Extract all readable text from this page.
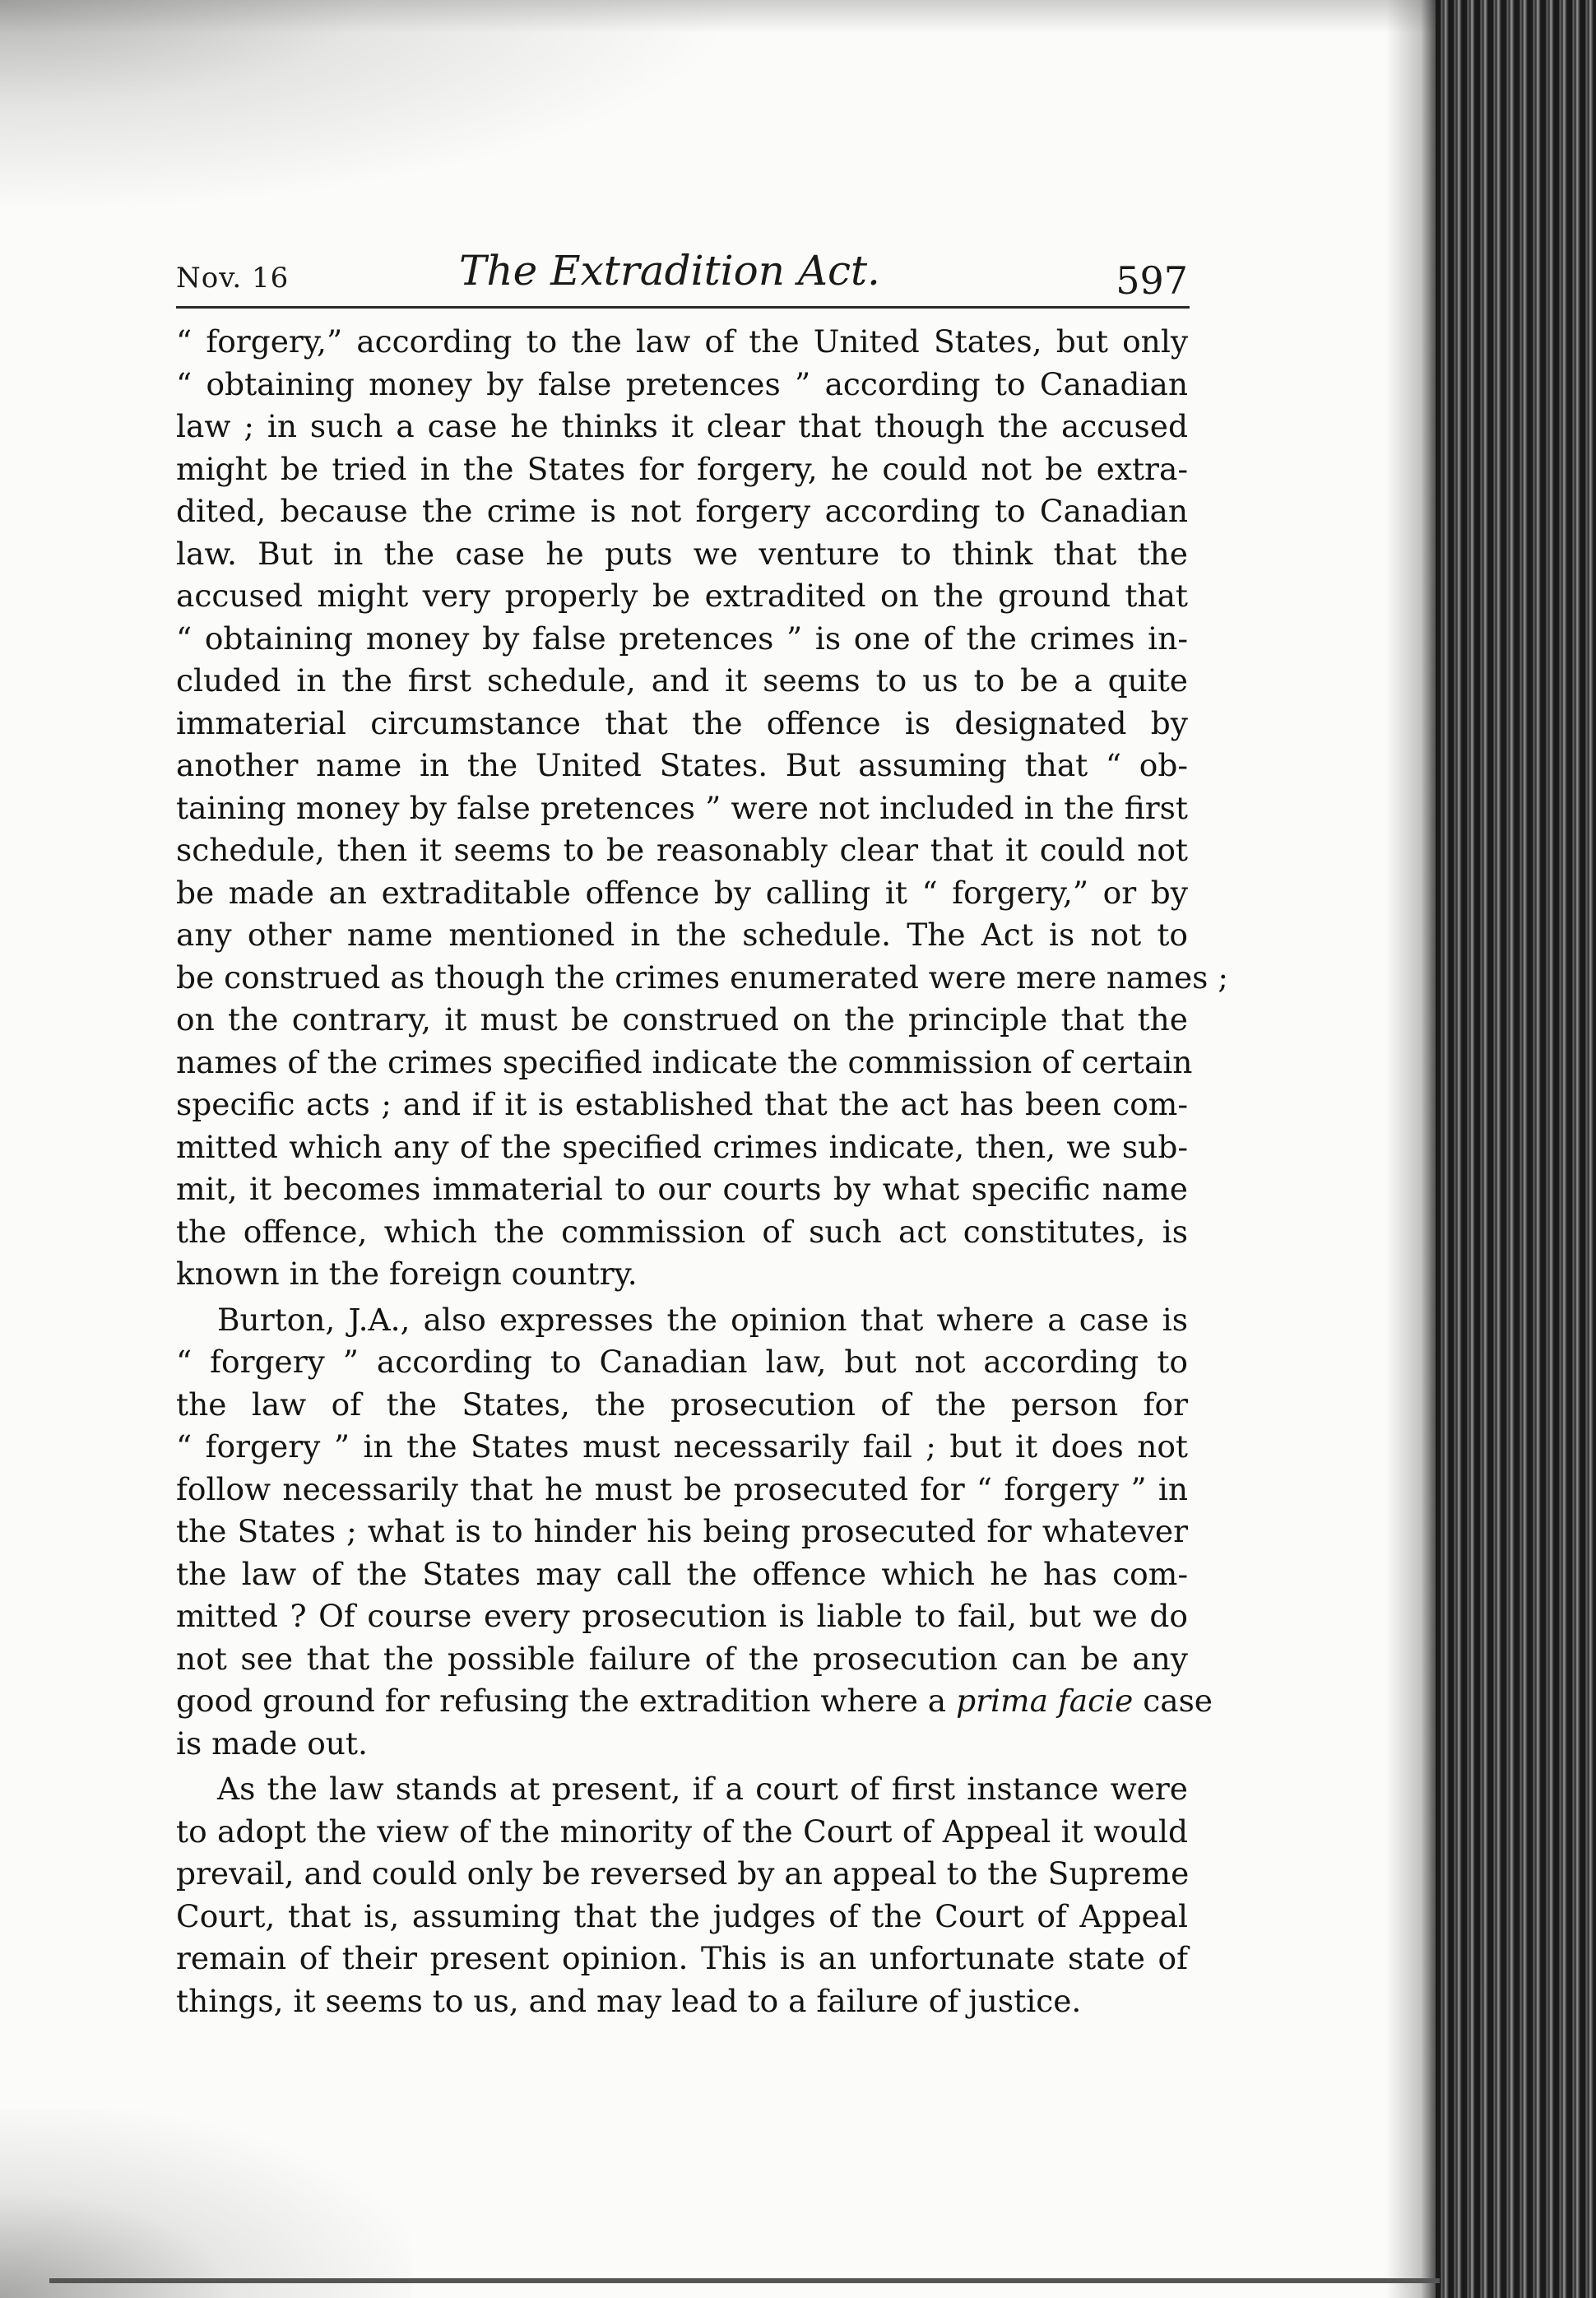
Nov. 16	The Extradition Act.	597
“ forgery,” according to the law of the United States, but only
“ obtaining money by false pretences ” according to Canadian
law ; in such a case he thinks it clear that though the accused
might be tried in the States for forgery, he could not be extra-
dited, because the crime is not forgery according to Canadian
law. But in the case he puts we venture to think that the
accused might very properly be extradited on the ground that
“ obtaining money by false pretences ” is one of the crimes in-
cluded in the first schedule, and it seems to us to be a quite
immaterial circumstance that the offence is designated by
another name in the United States. But assuming that “ ob-
taining money by false pretences ” were not included in the first
schedule, then it seems to be reasonably clear that it could not
be made an extraditable offence by calling it “ forgery,” or by
any other name mentioned in the schedule. The Act is not to
be construed as though the crimes enumerated were mere names ;
on the contrary, it must be construed on the principle that the
names of the crimes specified indicate the commission of certain
specific acts ; and if it is established that the act has been com-
mitted which any of the specified crimes indicate, then, we sub-
mit, it becomes immaterial to our courts by what specific name
the offence, which the commission of such act constitutes, is
known in the foreign country.
Burton, J.A., also expresses the opinion that where a case is
“ forgery ” according to Canadian law, but not according to
the law of the States, the prosecution of the person for
“ forgery ” in the States must necessarily fail ; but it does not
follow necessarily that he must be prosecuted for “ forgery ” in
the States ; what is to hinder his being prosecuted for whatever
the law of the States may call the offence which he has com-
mitted ? Of course every prosecution is liable to fail, but we do
not see that the possible failure of the prosecution can be any
good ground for refusing the extradition where a prima facie case
is made out.
As the law stands at present, if a court of first instance were
to adopt the view of the minority of the Court of Appeal it would
prevail, and could only be reversed by an appeal to the Supreme
Court, that is, assuming that the judges of the Court of Appeal
remain of their present opinion. This is an unfortunate state of
things, it seems to us, and may lead to a failure of justice.
